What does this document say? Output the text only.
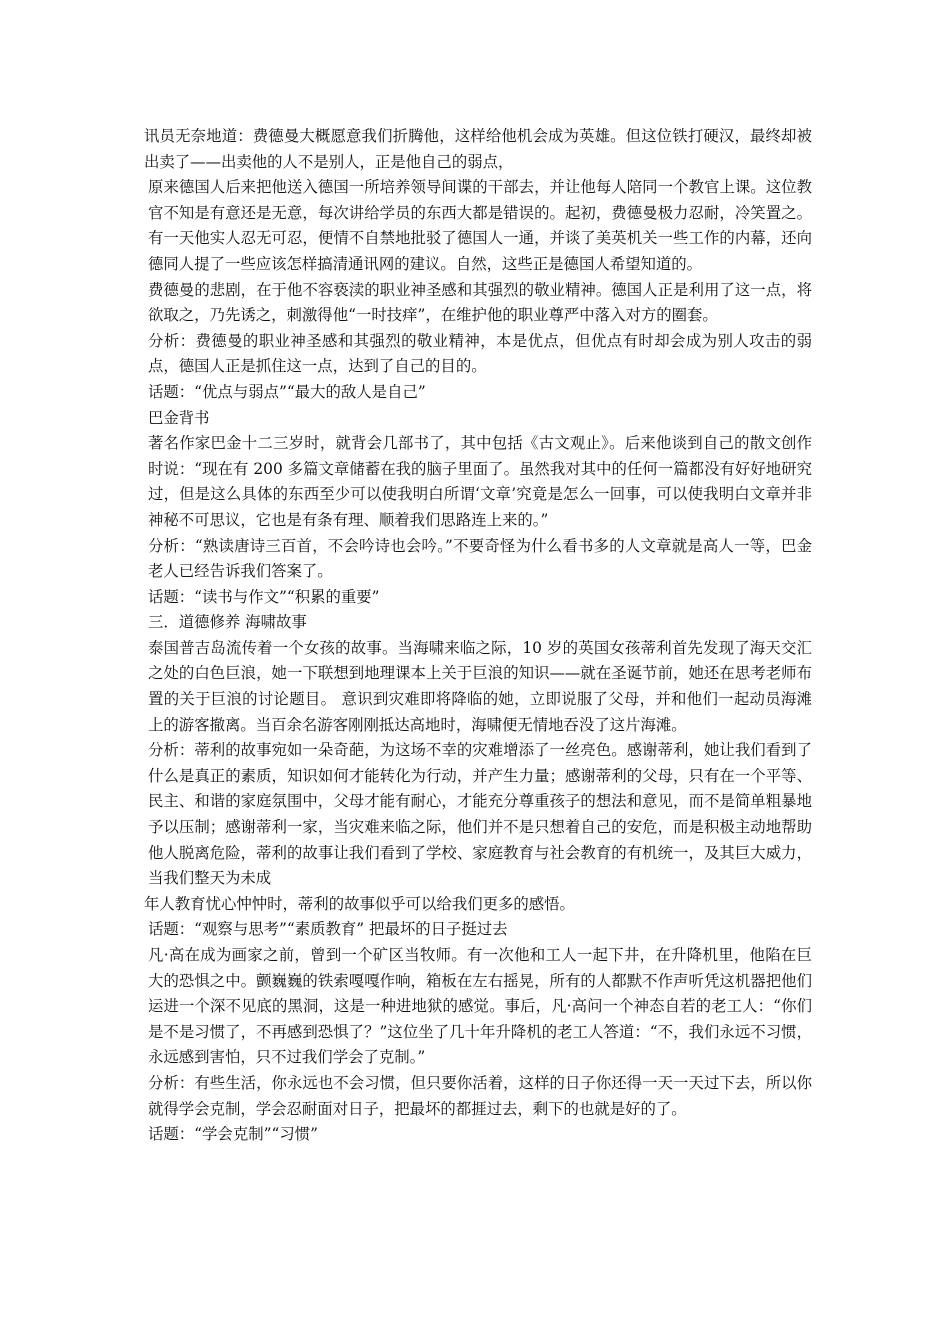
讯员无奈地道：费德曼大概愿意我们折腾他，这样给他机会成为英雄。但这位铁打硬汉，最终却被出卖了——出卖他的人不是别人，正是他自己的弱点，

原来德国人后来把他送入德国一所培养领导间谍的干部去，并让他每人陪同一个教官上课。这位教官不知是有意还是无意，每次讲给学员的东西大都是错误的。起初，费德曼极力忍耐，冷笑置之。有一天他实人忍无可忍，便情不自禁地批驳了德国人一通，并谈了美英机关一些工作的内幕，还向德同人提了一些应该怎样搞清通讯网的建议。自然，这些正是德国人希望知道的。

费德曼的悲剧，在于他不容亵渎的职业神圣感和其强烈的敬业精神。德国人正是利用了这一点，将欲取之，乃先诱之，刺激得他“一时技痒”，在维护他的职业尊严中落入对方的圈套。

分析：费德曼的职业神圣感和其强烈的敬业精神，本是优点，但优点有时却会成为别人攻击的弱点，德国人正是抓住这一点，达到了自己的目的。

话题：“优点与弱点”“最大的敌人是自己”

巴金背书

著名作家巴金十二三岁时，就背会几部书了，其中包括《古文观止》。后来他谈到自己的散文创作时说：“现在有 200 多篇文章储蓄在我的脑子里面了。虽然我对其中的任何一篇都没有好好地研究过，但是这么具体的东西至少可以使我明白所谓‘文章’究竟是怎么一回事，可以使我明白文章并非神秘不可思议，它也是有条有理、顺着我们思路连上来的。”

分析：“熟读唐诗三百首，不会吟诗也会吟。”不要奇怪为什么看书多的人文章就是高人一等，巴金老人已经告诉我们答案了。

话题：“读书与作文”“积累的重要”

三．道德修养 海啸故事

泰国普吉岛流传着一个女孩的故事。当海啸来临之际，10 岁的英国女孩蒂利首先发现了海天交汇之处的白色巨浪，她一下联想到地理课本上关于巨浪的知识——就在圣诞节前，她还在思考老师布置的关于巨浪的讨论题目。 意识到灾难即将降临的她，立即说服了父母，并和他们一起动员海滩上的游客撤离。当百余名游客刚刚抵达高地时，海啸便无情地吞没了这片海滩。

分析：蒂利的故事宛如一朵奇葩，为这场不幸的灾难增添了一丝亮色。感谢蒂利，她让我们看到了什么是真正的素质，知识如何才能转化为行动，并产生力量；感谢蒂利的父母，只有在一个平等、民主、和谐的家庭氛围中，父母才能有耐心，才能充分尊重孩子的想法和意见，而不是简单粗暴地予以压制；感谢蒂利一家，当灾难来临之际，他们并不是只想着自己的安危，而是积极主动地帮助他人脱离危险，蒂利的故事让我们看到了学校、家庭教育与社会教育的有机统一，及其巨大威力，当我们整天为未成

年人教育忧心忡忡时，蒂利的故事似乎可以给我们更多的感悟。

话题：“观察与思考”“素质教育” 把最坏的日子挺过去

凡·高在成为画家之前，曾到一个矿区当牧师。有一次他和工人一起下井，在升降机里，他陷在巨大的恐惧之中。颤巍巍的铁索嘎嘎作响，箱板在左右摇晃，所有的人都默不作声听凭这机器把他们运进一个深不见底的黑洞，这是一种进地狱的感觉。事后，凡·高问一个神态自若的老工人：“你们是不是习惯了，不再感到恐惧了？”这位坐了几十年升降机的老工人答道：“不，我们永远不习惯，永远感到害怕，只不过我们学会了克制。”

分析：有些生活，你永远也不会习惯，但只要你活着，这样的日子你还得一天一天过下去，所以你就得学会克制，学会忍耐面对日子，把最坏的都捱过去，剩下的也就是好的了。

话题：“学会克制”“习惯”
